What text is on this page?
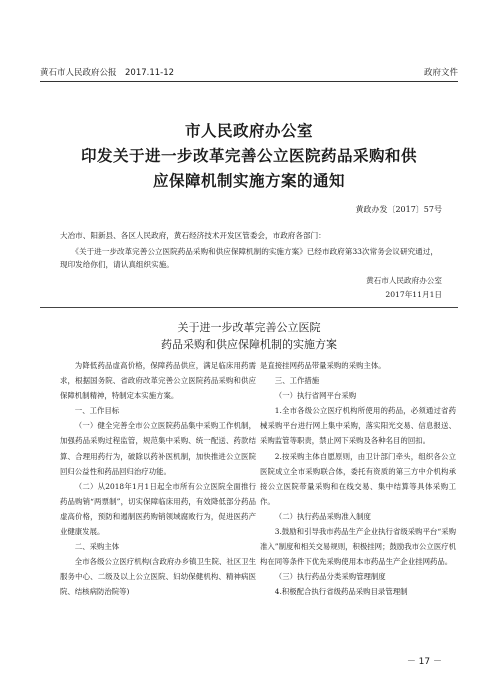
黄石市人民政府公报　2017.11-12	政府文件
市人民政府办公室
印发关于进一步改革完善公立医院药品采购和供
应保障机制实施方案的通知
黄政办发〔2017〕57号
大冶市、阳新县、各区人民政府，黄石经济技术开发区管委会，市政府各部门：
　　《关于进一步改革完善公立医院药品采购和供应保障机制的实施方案》已经市政府第33次常务会议研究通过，现印发给你们，请认真组织实施。
黄石市人民政府办公室
2017年11月1日
关于进一步改革完善公立医院
药品采购和供应保障机制的实施方案

为降低药品虚高价格，保障药品供应，满足临床用药需求，根据国务院、省政府改革完善公立医院药品采购和供应保障机制精神，特制定本实施方案。

一、工作目标

（一）健全完善全市公立医院药品集中采购工作机制，加强药品采购过程监管，规范集中采购、统一配送、药款结算、合理用药行为，破除以药补医机制，加快推进公立医院回归公益性和药品回归治疗功能。

（二）从2018年1月1日起全市所有公立医院全面推行药品购销“两票制”，切实保障临床用药，有效降低部分药品虚高价格，预防和遏制医药购销领域腐败行为，促进医药产业健康发展。

二、采购主体

全市各级公立医疗机构(含政府办乡镇卫生院、社区卫生服务中心、二级及以上公立医院、妇幼保健机构、精神病医院、结核病防治院等)

是直接挂网药品带量采购的采购主体。

三、工作措施

（一）执行省网平台采购

1.全市各级公立医疗机构所使用的药品，必须通过省药械采购平台进行网上集中采购，落实阳光交易、信息报送、采购监管等职责，禁止网下采购及各种名目的回扣。

2.按采购主体自愿原则，由卫计部门牵头，组织各公立医院成立全市采购联合体，委托有资质的第三方中介机构承接公立医院带量采购和在线交易、集中结算等具体采购工作。

（二）执行药品采购准入制度

3.鼓励和引导我市药品生产企业执行省级采购平台“采购准入”制度和相关交易规则，积极挂网；鼓励我市公立医疗机构在同等条件下优先采购使用本市药品生产企业挂网药品。

（三）执行药品分类采购管理制度

4.积极配合执行省级药品采购目录管理制

－ 17 －
